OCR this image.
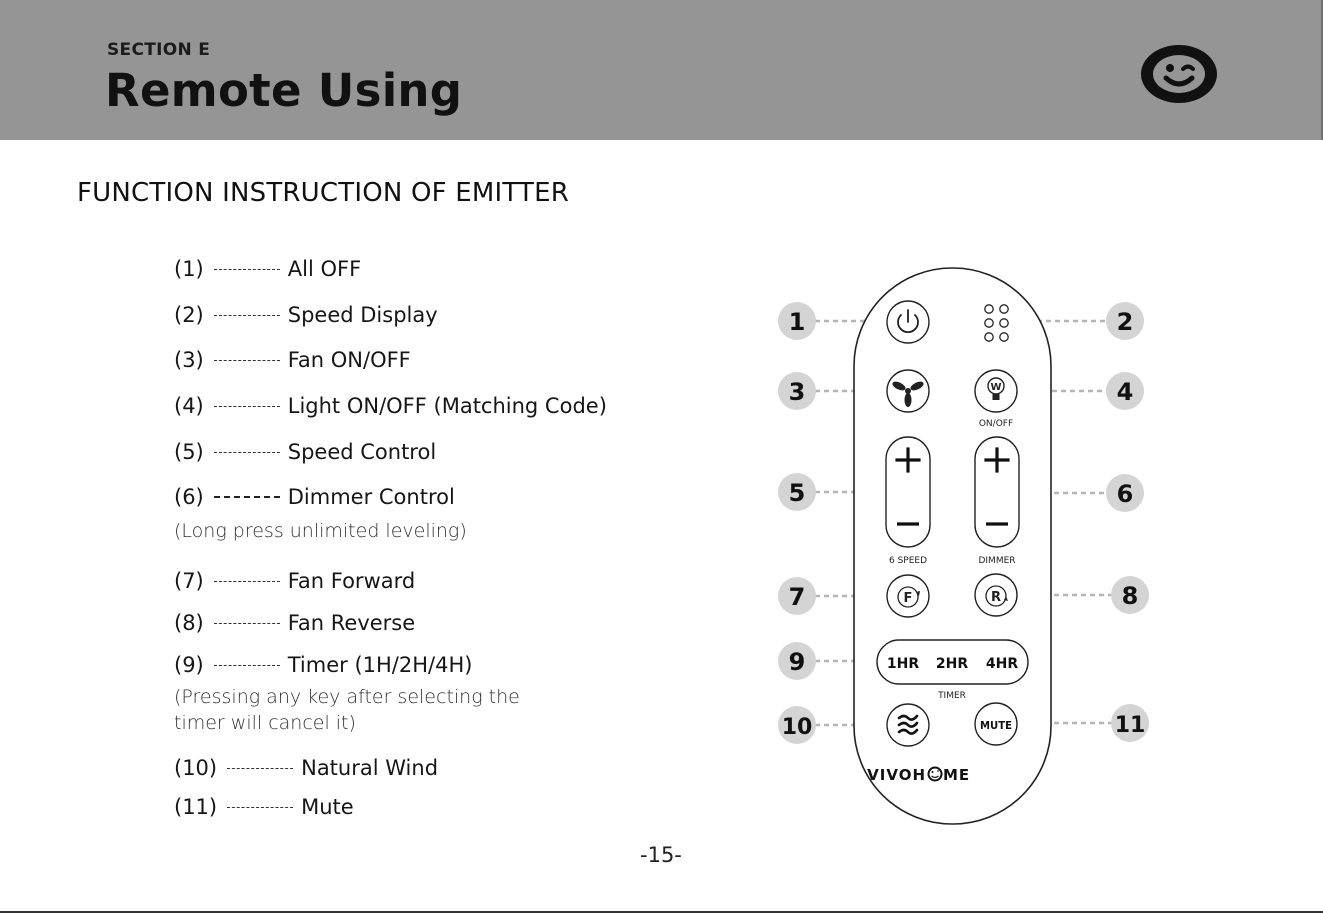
SECTION E
Remote Using
FUNCTION INSTRUCTION OF EMITTER
(1)	All OFF
(2)	Speed Display
(3)	Fan ON/OFF
(4)	Light ON/OFF (Matching Code)
(5)	Speed Control
(6)	Dimmer Control
(Long press unlimited leveling)
(7)	Fan Forward
(8)	Fan Reverse
(9)	Timer (1H/2H/4H)
(Pressing any key after selecting the
timer will cancel it)
(10)	Natural Wind
(11)	Mute
1	2
3	4
5	6
7	8
9
10	11
W
ON/OFF
6 SPEED	DIMMER
F	R
1HR 2HR 4HR
TIMER
MUTE
VIVOH ME
-15-
